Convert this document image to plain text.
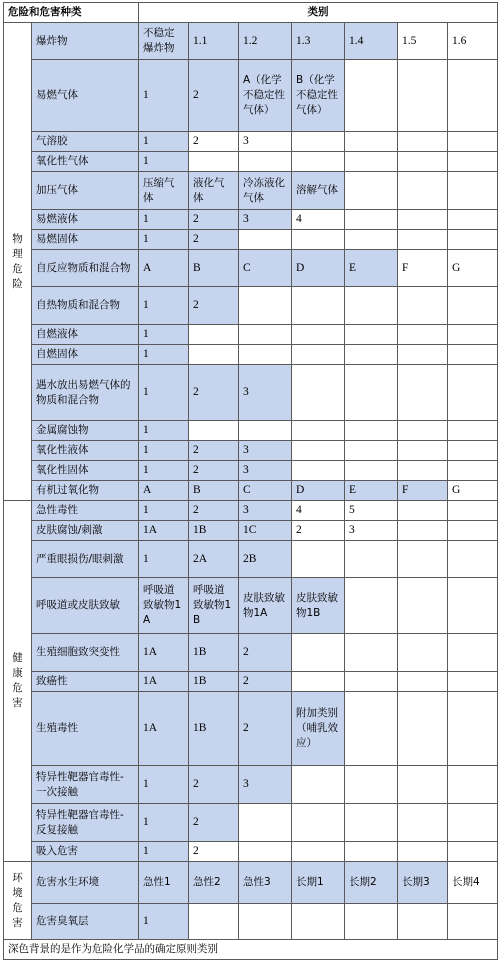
危险和危害种类		类别						
物
理
危
险	爆炸物	不稳定爆炸物	1.1	1.2	1.3	1.4	1.5	1.6
	易燃气体	1	2	A（化学不稳定性气体）	B（化学不稳定性气体）			
	气溶胶	1	2	3				
	氧化性气体	1						
	加压气体	压缩气体	液化气体	冷冻液化气体	溶解气体			
	易燃液体	1	2	3	4			
	易燃固体	1	2					
	自反应物质和混合物	A	B	C	D	E	F	G
	自热物质和混合物	1	2					
	自燃液体	1						
	自燃固体	1						
	遇水放出易燃气体的物质和混合物	1	2	3				
	金属腐蚀物	1						
	氧化性液体	1	2	3				
	氧化性固体	1	2	3				
	有机过氧化物	A	B	C	D	E	F	G
健
康
危
害	急性毒性	1	2	3	4	5		
	皮肤腐蚀/刺激	1A	1B	1C	2	3		
	严重眼损伤/眼刺激	1	2A	2B				
	呼吸道或皮肤致敏	呼吸道致敏物1A	呼吸道致敏物1B	皮肤致敏物1A	皮肤致敏物1B			
	生殖细胞致突变性	1A	1B	2				
	致癌性	1A	1B	2				
	生殖毒性	1A	1B	2	附加类别（哺乳效应）			
	特异性靶器官毒性-一次接触	1	2	3				
	特异性靶器官毒性-反复接触	1	2					
	吸入危害	1	2					
环
境
危
害	危害水生环境	急性1	急性2	急性3	长期1	长期2	长期3	长期4
	危害臭氧层	1						
深色背景的是作为危险化学品的确定原则类别								
